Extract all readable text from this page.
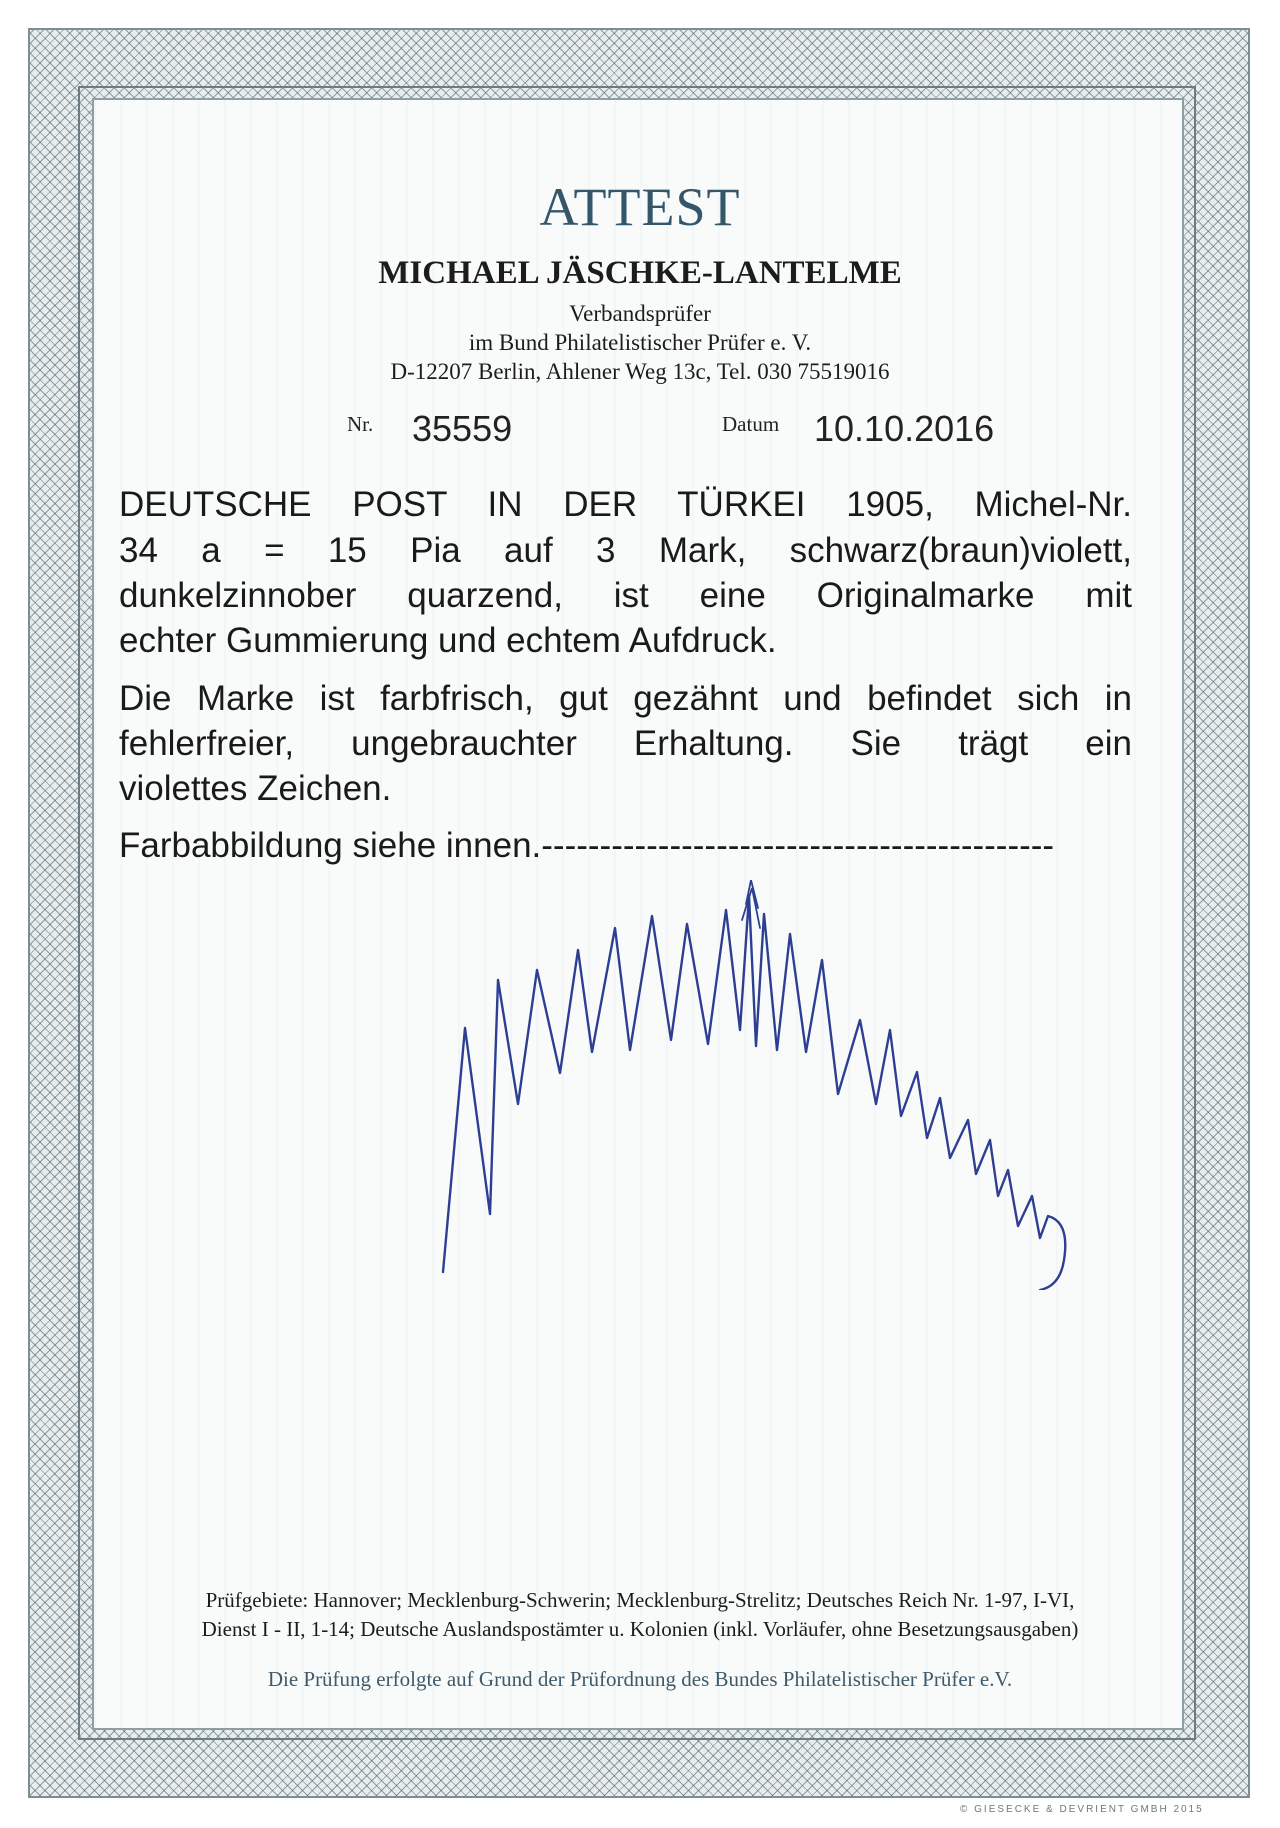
ATTEST
MICHAEL JÄSCHKE-LANTELME
Verbandsprüfer
im Bund Philatelistischer Prüfer e. V.
D-12207 Berlin, Ahlener Weg 13c, Tel. 030 75519016
Nr. 35559	Datum 10.10.2016
DEUTSCHE POST IN DER TÜRKEI 1905, Michel-Nr.
34 a = 15 Pia auf 3 Mark, schwarz(braun)violett,
dunkelzinnober quarzend, ist eine Originalmarke mit
echter Gummierung und echtem Aufdruck.
Die Marke ist farbfrisch, gut gezähnt und befindet sich in
fehlerfreier, ungebrauchter Erhaltung. Sie trägt ein
violettes Zeichen.
Farbabbildung siehe innen.--------------------------------------------
Prüfgebiete: Hannover; Mecklenburg-Schwerin; Mecklenburg-Strelitz; Deutsches Reich Nr. 1-97, I-VI,
Dienst I - II, 1-14; Deutsche Auslandspostämter u. Kolonien (inkl. Vorläufer, ohne Besetzungsausgaben)
Die Prüfung erfolgte auf Grund der Prüfordnung des Bundes Philatelistischer Prüfer e.V.
© GIESECKE & DEVRIENT GMBH 2015
